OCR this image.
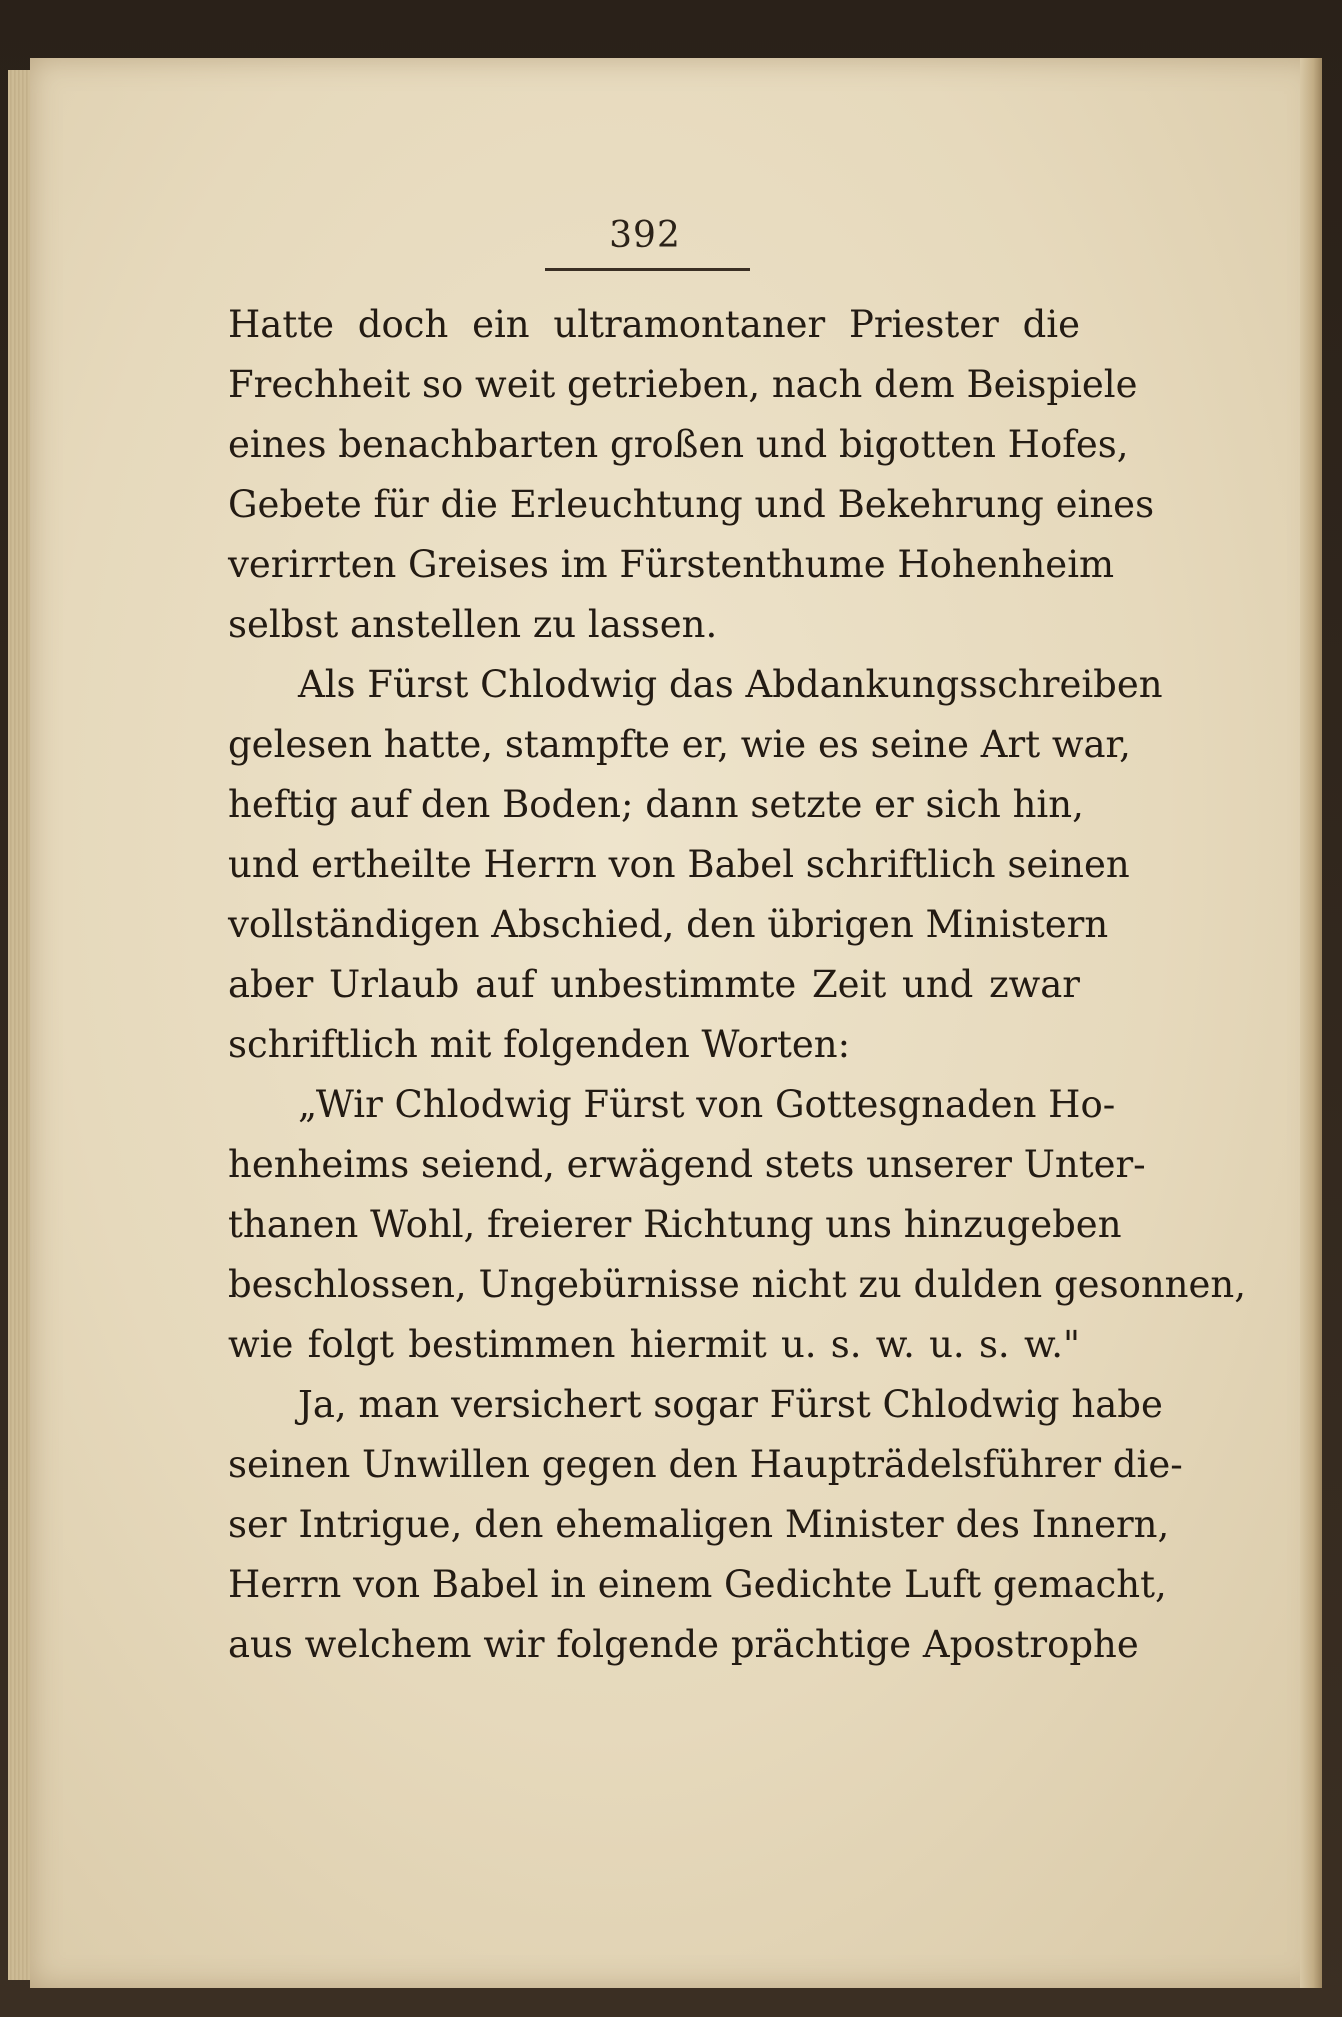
392
Hatte doch ein ultramontaner Priester die
Frechheit so weit getrieben, nach dem Beispiele
eines benachbarten großen und bigotten Hofes,
Gebete für die Erleuchtung und Bekehrung eines
verirrten Greises im Fürstenthume Hohenheim
selbst anstellen zu lassen.
Als Fürst Chlodwig das Abdankungsschreiben
gelesen hatte, stampfte er, wie es seine Art war,
heftig auf den Boden; dann setzte er sich hin,
und ertheilte Herrn von Babel schriftlich seinen
vollständigen Abschied, den übrigen Ministern
aber Urlaub auf unbestimmte Zeit und zwar
schriftlich mit folgenden Worten:
„Wir Chlodwig Fürst von Gottesgnaden Ho-
henheims seiend, erwägend stets unserer Unter-
thanen Wohl, freierer Richtung uns hinzugeben
beschlossen, Ungebürnisse nicht zu dulden gesonnen,
wie folgt bestimmen hiermit u. s. w. u. s. w."
Ja, man versichert sogar Fürst Chlodwig habe
seinen Unwillen gegen den Haupträdelsführer die-
ser Intrigue, den ehemaligen Minister des Innern,
Herrn von Babel in einem Gedichte Luft gemacht,
aus welchem wir folgende prächtige Apostrophe
